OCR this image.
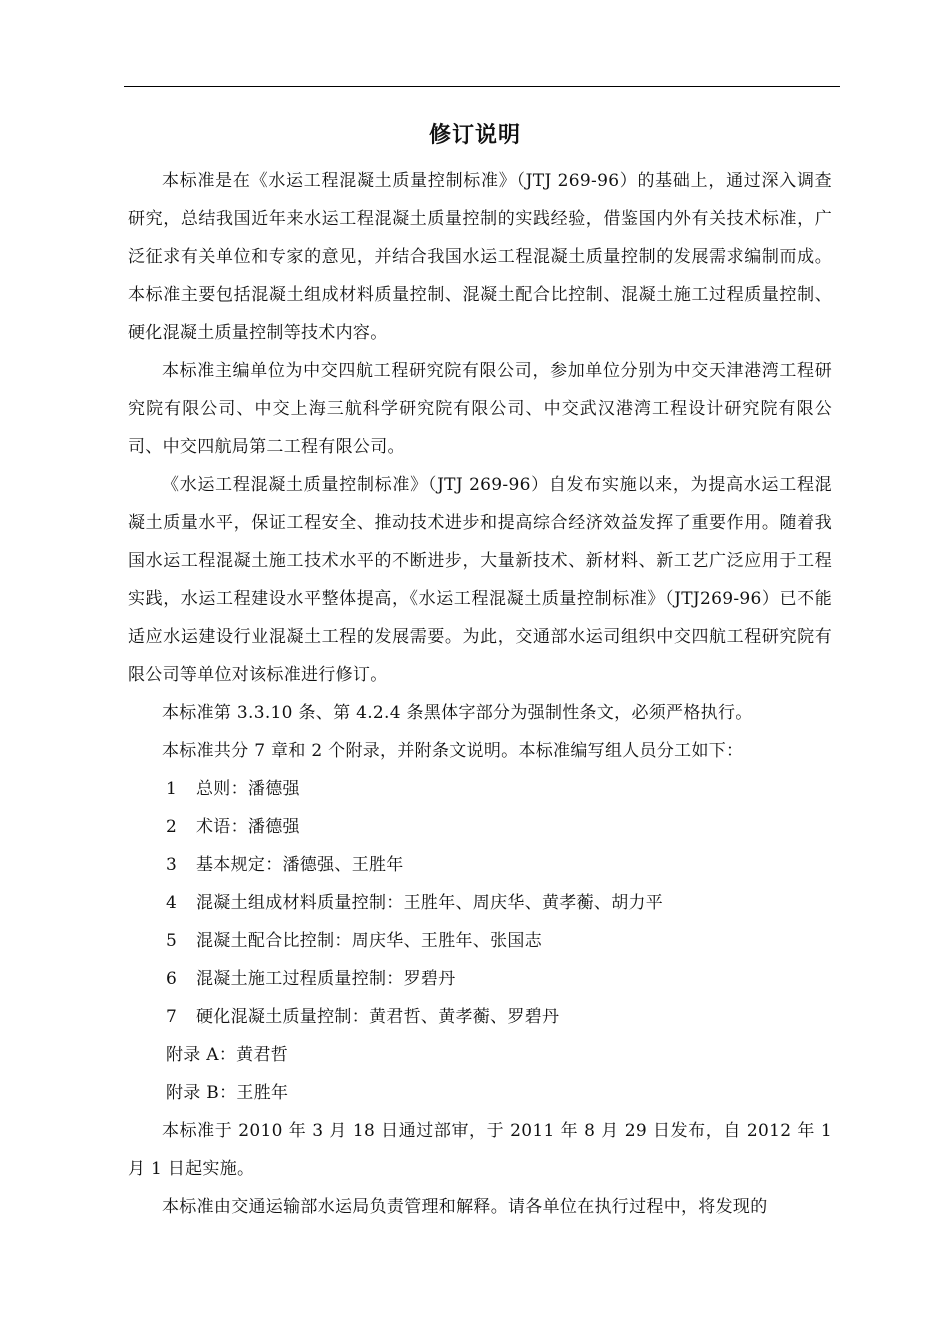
修订说明

本标准是在《水运工程混凝土质量控制标准》（JTJ 269-96）的基础上，通过深入调查研究，总结我国近年来水运工程混凝土质量控制的实践经验，借鉴国内外有关技术标准，广泛征求有关单位和专家的意见，并结合我国水运工程混凝土质量控制的发展需求编制而成。本标准主要包括混凝土组成材料质量控制、混凝土配合比控制、混凝土施工过程质量控制、硬化混凝土质量控制等技术内容。

本标准主编单位为中交四航工程研究院有限公司，参加单位分别为中交天津港湾工程研究院有限公司、中交上海三航科学研究院有限公司、中交武汉港湾工程设计研究院有限公司、中交四航局第二工程有限公司。

《水运工程混凝土质量控制标准》（JTJ 269-96）自发布实施以来，为提高水运工程混凝土质量水平，保证工程安全、推动技术进步和提高综合经济效益发挥了重要作用。随着我国水运工程混凝土施工技术水平的不断进步，大量新技术、新材料、新工艺广泛应用于工程实践，水运工程建设水平整体提高，《水运工程混凝土质量控制标准》（JTJ269-96）已不能适应水运建设行业混凝土工程的发展需要。为此，交通部水运司组织中交四航工程研究院有限公司等单位对该标准进行修订。

本标准第 3.3.10 条、第 4.2.4 条黑体字部分为强制性条文，必须严格执行。

本标准共分 7 章和 2 个附录，并附条文说明。本标准编写组人员分工如下：

1 总则：潘德强

2 术语：潘德强

3 基本规定：潘德强、王胜年

4 混凝土组成材料质量控制：王胜年、周庆华、黄孝蘅、胡力平

5 混凝土配合比控制：周庆华、王胜年、张国志

6 混凝土施工过程质量控制：罗碧丹

7 硬化混凝土质量控制：黄君哲、黄孝蘅、罗碧丹

附录 A：黄君哲

附录 B：王胜年

本标准于 2010 年 3 月 18 日通过部审，于 2011 年 8 月 29 日发布，自 2012 年 1 月 1 日起实施。

本标准由交通运输部水运局负责管理和解释。请各单位在执行过程中，将发现的
